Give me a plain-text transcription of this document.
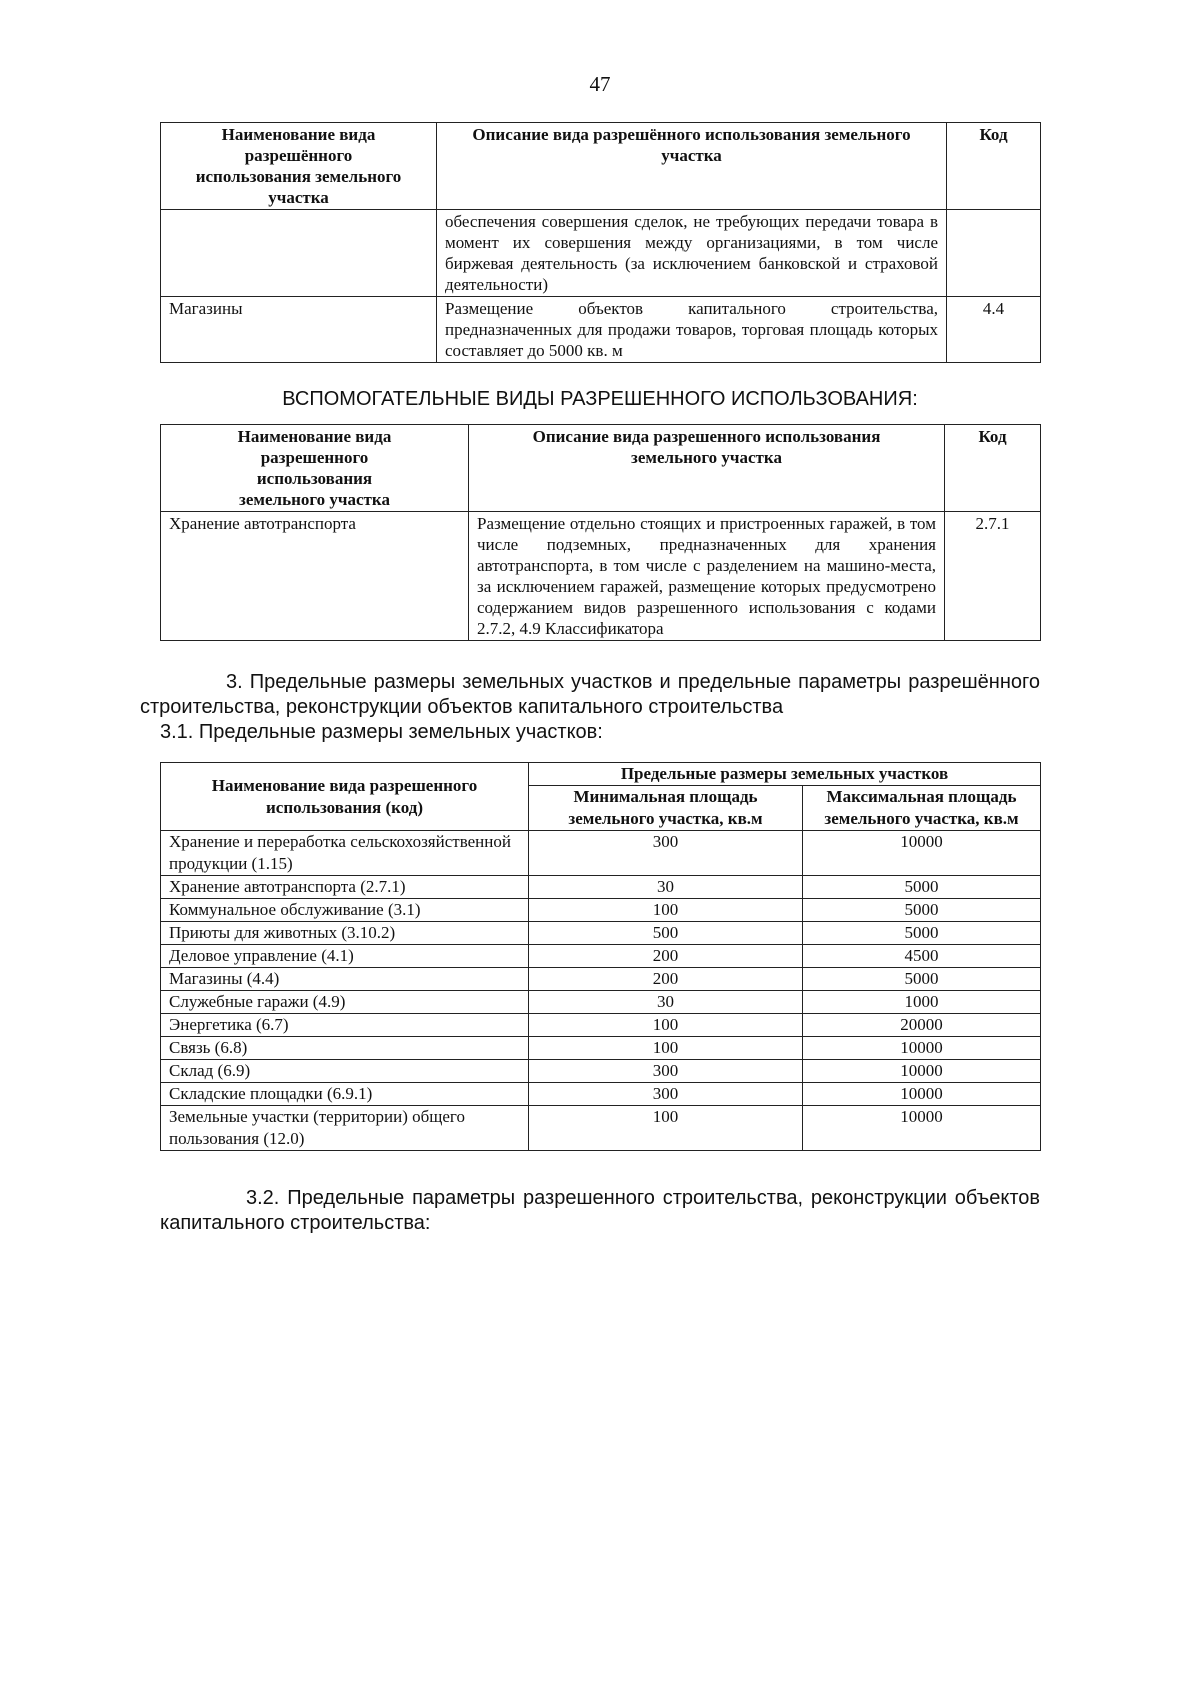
47
Наименование вида разрешённого использования земельного участка	Описание вида разрешённого использования земельного участка	Код
	обеспечения совершения сделок, не требующих передачи товара в момент их совершения между организациями, в том числе биржевая деятельность (за исключением банковской и страховой деятельности)	
Магазины	Размещение объектов капитального строительства, предназначенных для продажи товаров, торговая площадь которых составляет до 5000 кв. м	4.4
ВСПОМОГАТЕЛЬНЫЕ ВИДЫ РАЗРЕШЕННОГО ИСПОЛЬЗОВАНИЯ:
Наименование вида разрешенного использования земельного участка	Описание вида разрешенного использования земельного участка	Код
Хранение автотранспорта	Размещение отдельно стоящих и пристроенных гаражей, в том числе подземных, предназначенных для хранения автотранспорта, в том числе с разделением на машино-места, за исключением гаражей, размещение которых предусмотрено содержанием видов разрешенного использования с кодами 2.7.2, 4.9 Классификатора	2.7.1
3. Предельные размеры земельных участков и предельные параметры разрешённого строительства, реконструкции объектов капитального строительства
3.1. Предельные размеры земельных участков:
Наименование вида разрешенного использования (код)	Предельные размеры земельных участков	
	Минимальная площадь земельного участка, кв.м	Максимальная площадь земельного участка, кв.м
Хранение и переработка сельскохозяйственной продукции (1.15)	300	10000
Хранение автотранспорта (2.7.1)	30	5000
Коммунальное обслуживание (3.1)	100	5000
Приюты для животных (3.10.2)	500	5000
Деловое управление (4.1)	200	4500
Магазины (4.4)	200	5000
Служебные гаражи (4.9)	30	1000
Энергетика (6.7)	100	20000
Связь (6.8)	100	10000
Склад (6.9)	300	10000
Складские площадки (6.9.1)	300	10000
Земельные участки (территории) общего пользования (12.0)	100	10000
3.2. Предельные параметры разрешенного строительства, реконструкции объектов капитального строительства:
